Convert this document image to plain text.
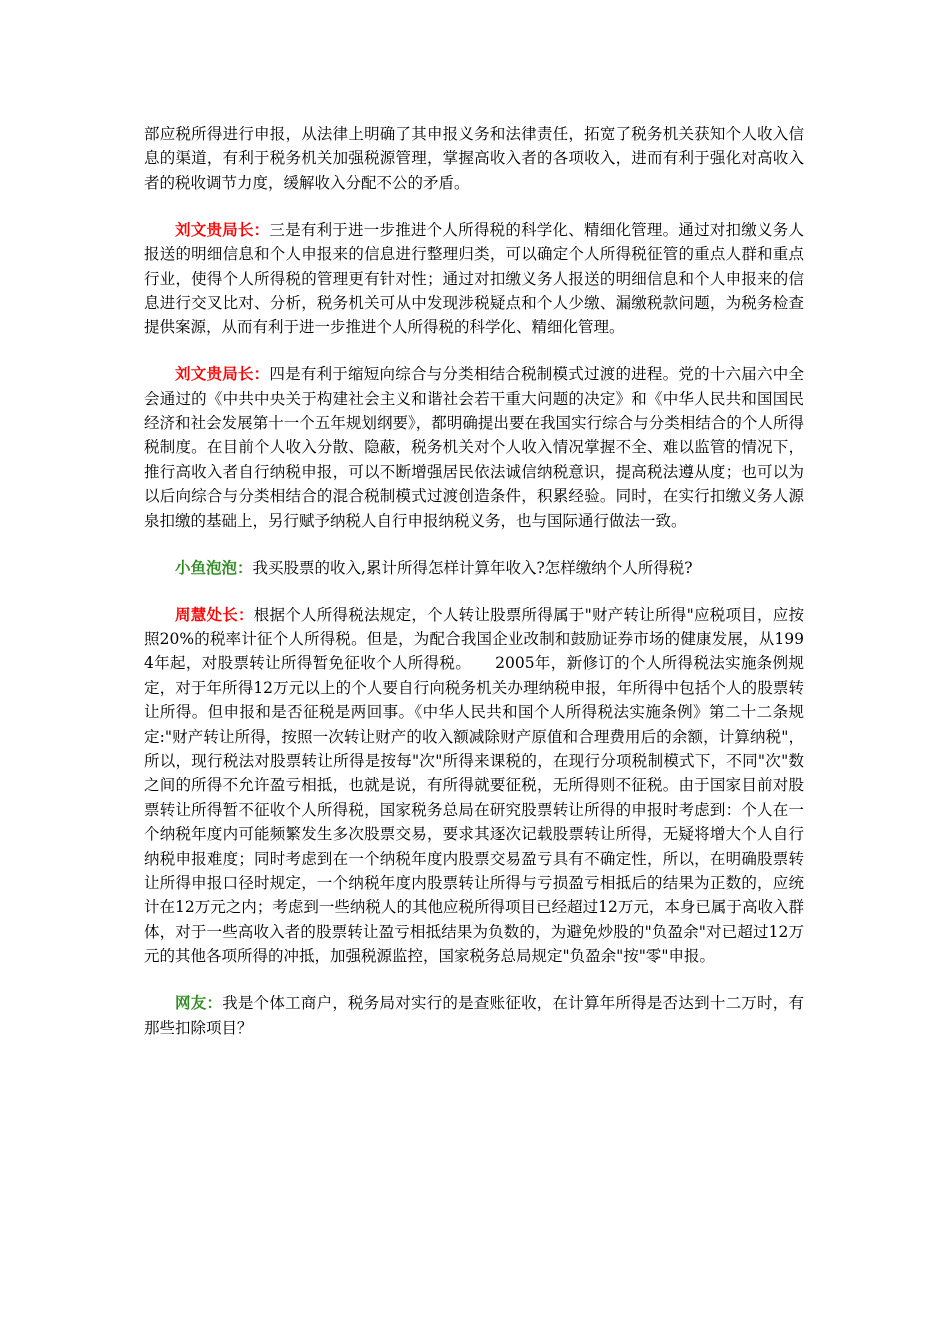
部应税所得进行申报，从法律上明确了其申报义务和法律责任，拓宽了税务机关获知个人收入信息的渠道，有利于税务机关加强税源管理，掌握高收入者的各项收入，进而有利于强化对高收入者的税收调节力度，缓解收入分配不公的矛盾。

刘文贵局长：三是有利于进一步推进个人所得税的科学化、精细化管理。通过对扣缴义务人报送的明细信息和个人申报来的信息进行整理归类，可以确定个人所得税征管的重点人群和重点行业，使得个人所得税的管理更有针对性；通过对扣缴义务人报送的明细信息和个人申报来的信息进行交叉比对、分析，税务机关可从中发现涉税疑点和个人少缴、漏缴税款问题，为税务检查提供案源，从而有利于进一步推进个人所得税的科学化、精细化管理。

刘文贵局长：四是有利于缩短向综合与分类相结合税制模式过渡的进程。党的十六届六中全会通过的《中共中央关于构建社会主义和谐社会若干重大问题的决定》和《中华人民共和国国民经济和社会发展第十一个五年规划纲要》，都明确提出要在我国实行综合与分类相结合的个人所得税制度。在目前个人收入分散、隐蔽，税务机关对个人收入情况掌握不全、难以监管的情况下，推行高收入者自行纳税申报，可以不断增强居民依法诚信纳税意识，提高税法遵从度；也可以为以后向综合与分类相结合的混合税制模式过渡创造条件，积累经验。同时，在实行扣缴义务人源泉扣缴的基础上，另行赋予纳税人自行申报纳税义务，也与国际通行做法一致。

小鱼泡泡：我买股票的收入,累计所得怎样计算年收入?怎样缴纳个人所得税?

周慧处长：根据个人所得税法规定，个人转让股票所得属于"财产转让所得"应税项目，应按照20%的税率计征个人所得税。但是，为配合我国企业改制和鼓励证券市场的健康发展，从1994年起，对股票转让所得暂免征收个人所得税。　　2005年，新修订的个人所得税法实施条例规定，对于年所得12万元以上的个人要自行向税务机关办理纳税申报，年所得中包括个人的股票转让所得。但申报和是否征税是两回事。《中华人民共和国个人所得税法实施条例》第二十二条规定:"财产转让所得，按照一次转让财产的收入额减除财产原值和合理费用后的余额，计算纳税"，所以，现行税法对股票转让所得是按每"次"所得来课税的，在现行分项税制模式下，不同"次"数之间的所得不允许盈亏相抵，也就是说，有所得就要征税，无所得则不征税。由于国家目前对股票转让所得暂不征收个人所得税，国家税务总局在研究股票转让所得的申报时考虑到：个人在一个纳税年度内可能频繁发生多次股票交易，要求其逐次记载股票转让所得，无疑将增大个人自行纳税申报难度；同时考虑到在一个纳税年度内股票交易盈亏具有不确定性，所以，在明确股票转让所得申报口径时规定，一个纳税年度内股票转让所得与亏损盈亏相抵后的结果为正数的，应统计在12万元之内；考虑到一些纳税人的其他应税所得项目已经超过12万元，本身已属于高收入群体，对于一些高收入者的股票转让盈亏相抵结果为负数的，为避免炒股的"负盈余"对已超过12万元的其他各项所得的冲抵，加强税源监控，国家税务总局规定"负盈余"按"零"申报。

网友：我是个体工商户，税务局对实行的是查账征收，在计算年所得是否达到十二万时，有那些扣除项目？
